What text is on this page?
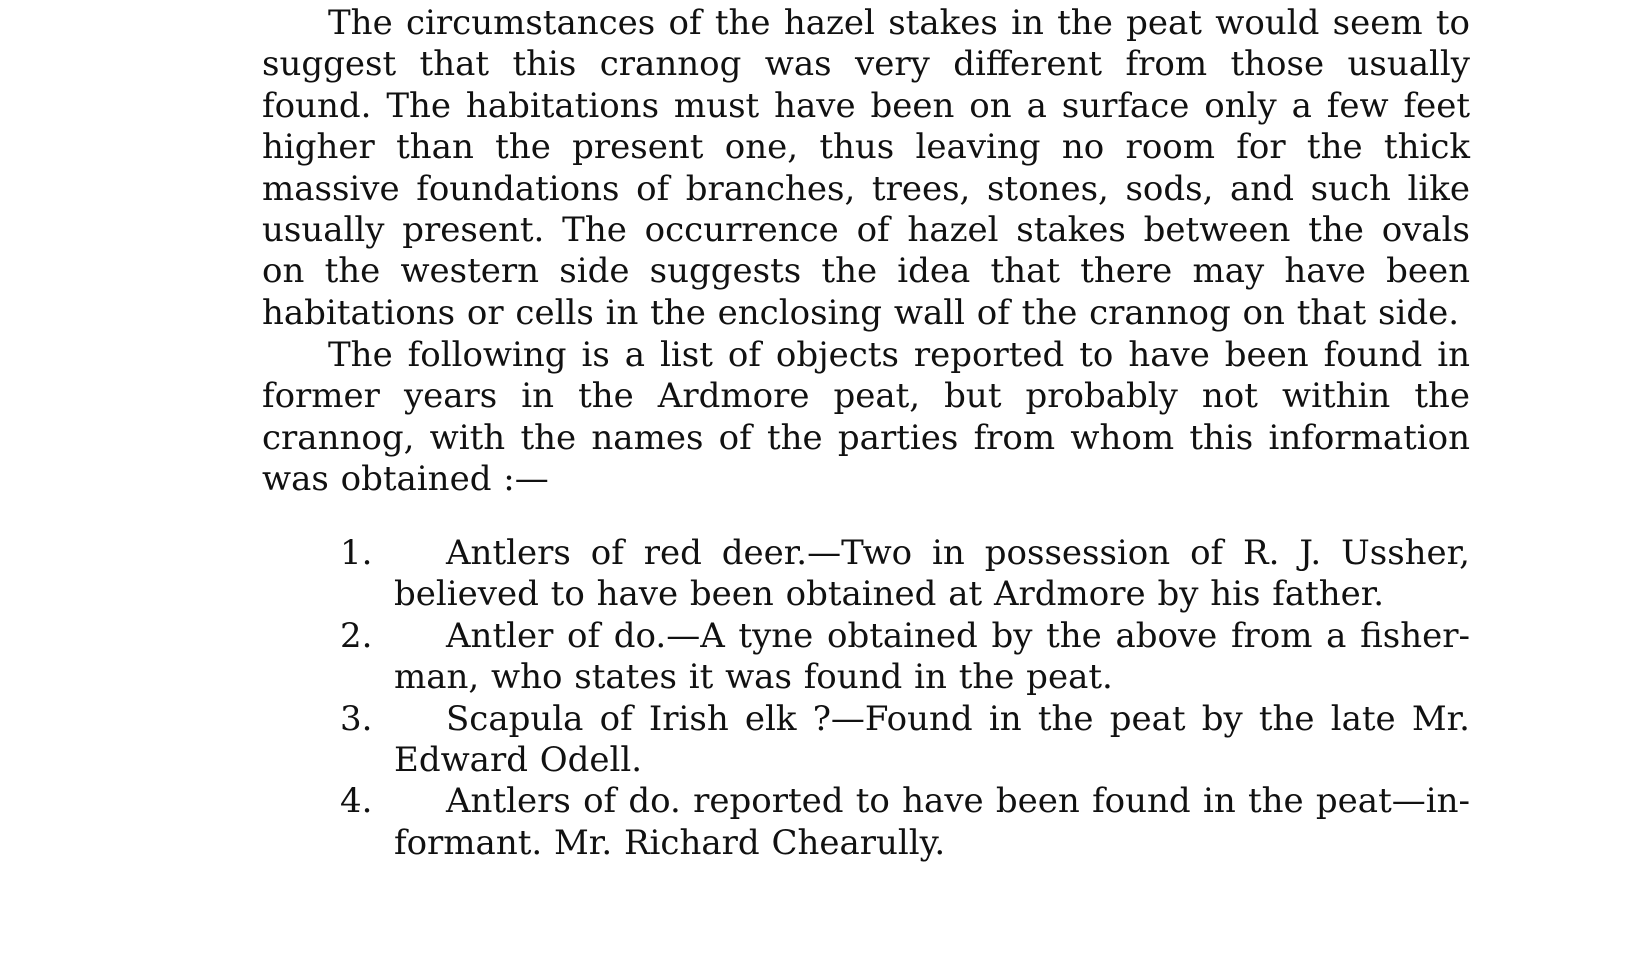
The circumstances of the hazel stakes in the peat would seem to suggest that this crannog was very different from those usually found. The habitations must have been on a surface only a few feet higher than the present one, thus leaving no room for the thick massive foundations of branches, trees, stones, sods, and such like usually present. The occurrence of hazel stakes between the ovals on the western side suggests the idea that there may have been habitations or cells in the enclosing wall of the crannog on that side.

The following is a list of objects reported to have been found in former years in the Ardmore peat, but probably not within the crannog, with the names of the parties from whom this information was obtained :—

1.	Antlers of red deer.—Two in possession of R. J. Ussher, believed to have been obtained at Ardmore by his father.
2.	Antler of do.—A tyne obtained by the above from a fisher-man, who states it was found in the peat.
3.	Scapula of Irish elk ?—Found in the peat by the late Mr. Edward Odell.
4.	Antlers of do. reported to have been found in the peat—in-formant. Mr. Richard Chearully.
